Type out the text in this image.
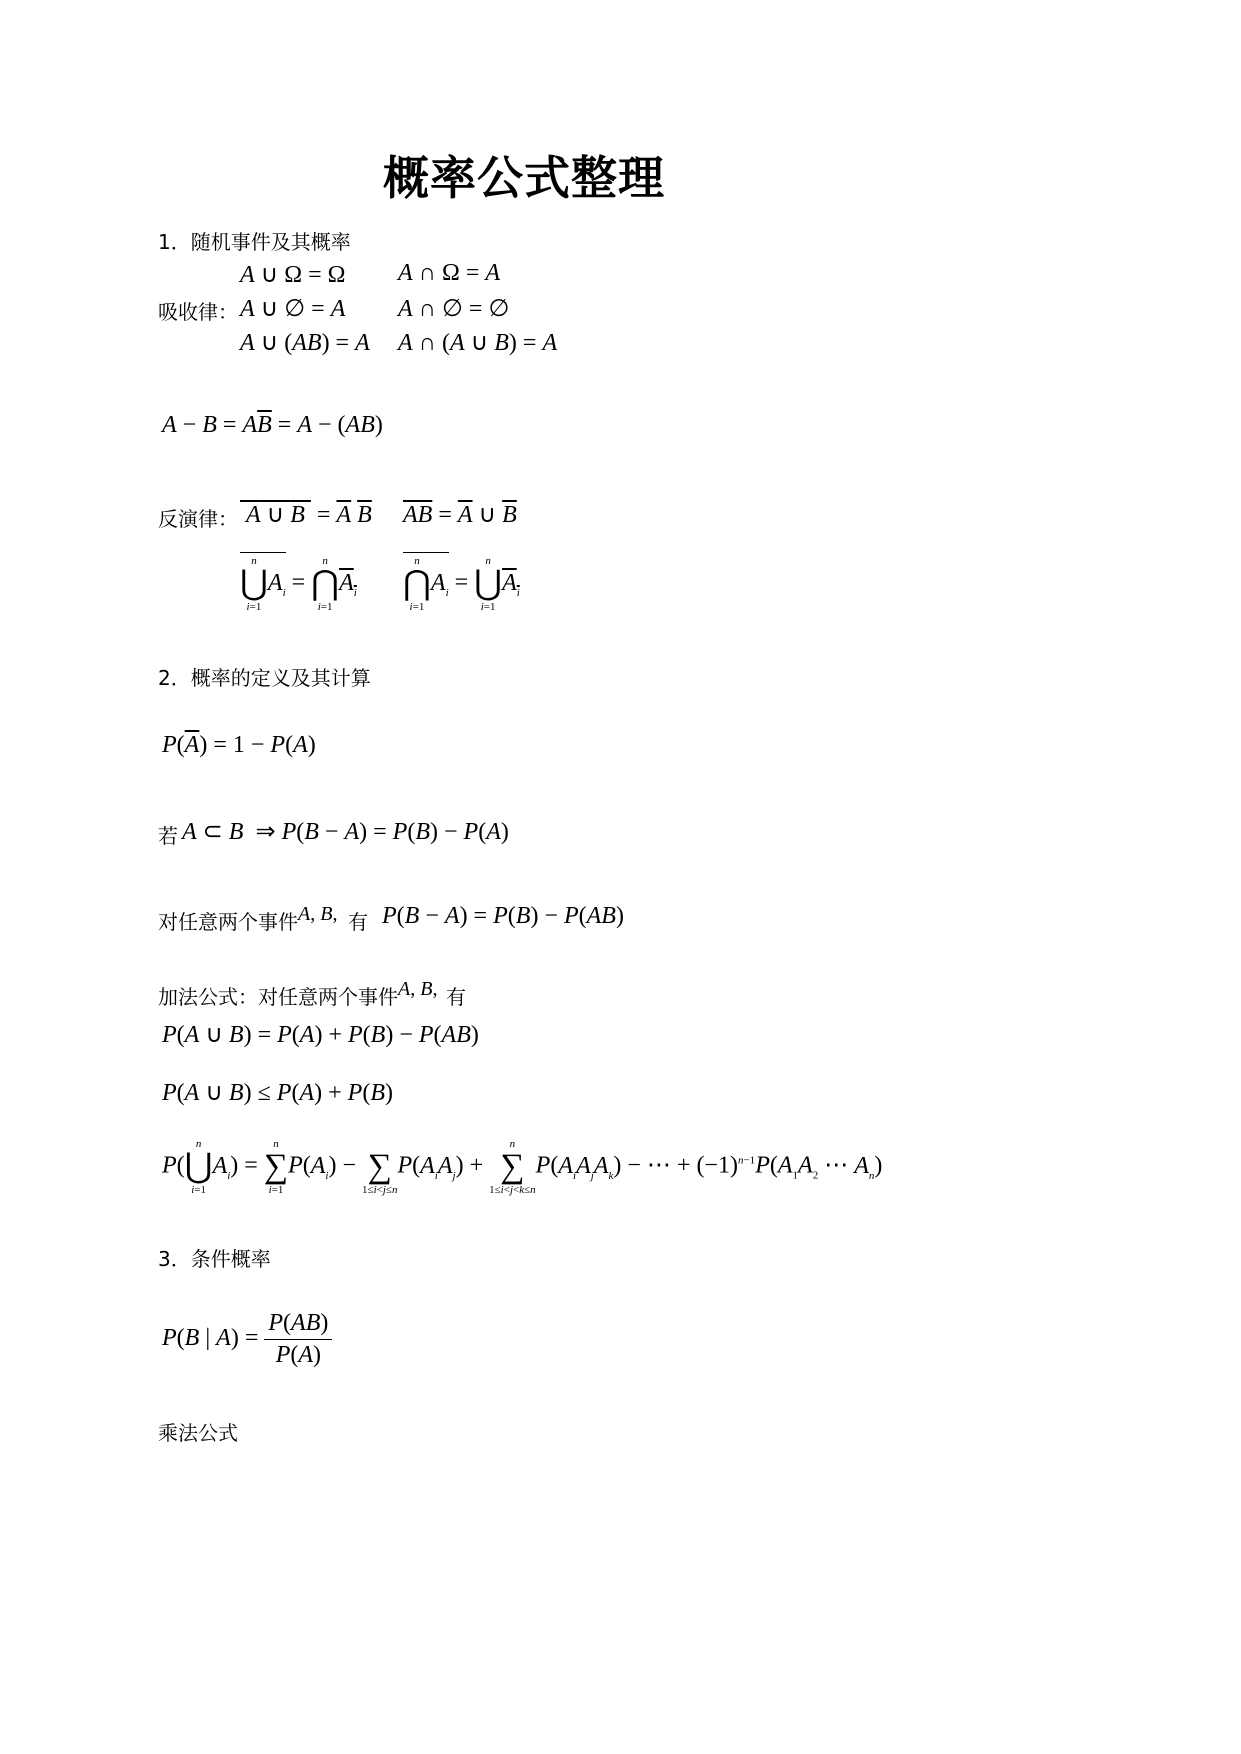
概率公式整理
1．随机事件及其概率
吸收律：
A ∪ Ω = Ω A ∩ Ω = A
A ∪ ∅ = A A ∩ ∅ = ∅
A ∪ (AB) = A A ∩ (A ∪ B) = A
$A - B = A\overline{B} = A - (AB)$
反演律： A ∪ $B = \overline{A}$ $\overline{B}$ $\overline{AB} = \overline{A}$ ∪ $\overline{B}$
n
⋃
i=1
$A_i$ =
n
⋂
i=1
$A_i$
n
⋂
i=1
$A_i$ =
n
⋃
i=1
$A_i$
2．概率的定义及其计算
$P(\overline{A}) = 1 - P(A)$
若 A ⊂ B  ⇒ P(B − A) = P(B) − P(A)
对任意两个事件 A, B, 有 P(B − A) = P(B) − P(AB)
加法公式：对任意两个事件 A, B, 有
P(A ∪ B) = P(A) + P(B) − P(AB)
P(A ∪ B) ≤ P(A) + P(B)
P(
n
⋃
i=1
$A_i$) =
n
∑
i=1
$P(A_i)$ −
∑
1≤i<j≤n
$P(A_iA_j)$ +
n
∑
1≤i<j<k≤n
$P(A_iA_jA_k)$ − ⋯ + $(-1)^{n-1}P(A_1A_2$ ⋯ $A_n$)
3．条件概率
P(B | $A) = \frac{P(AB)}{P(A)}$
乘法公式
